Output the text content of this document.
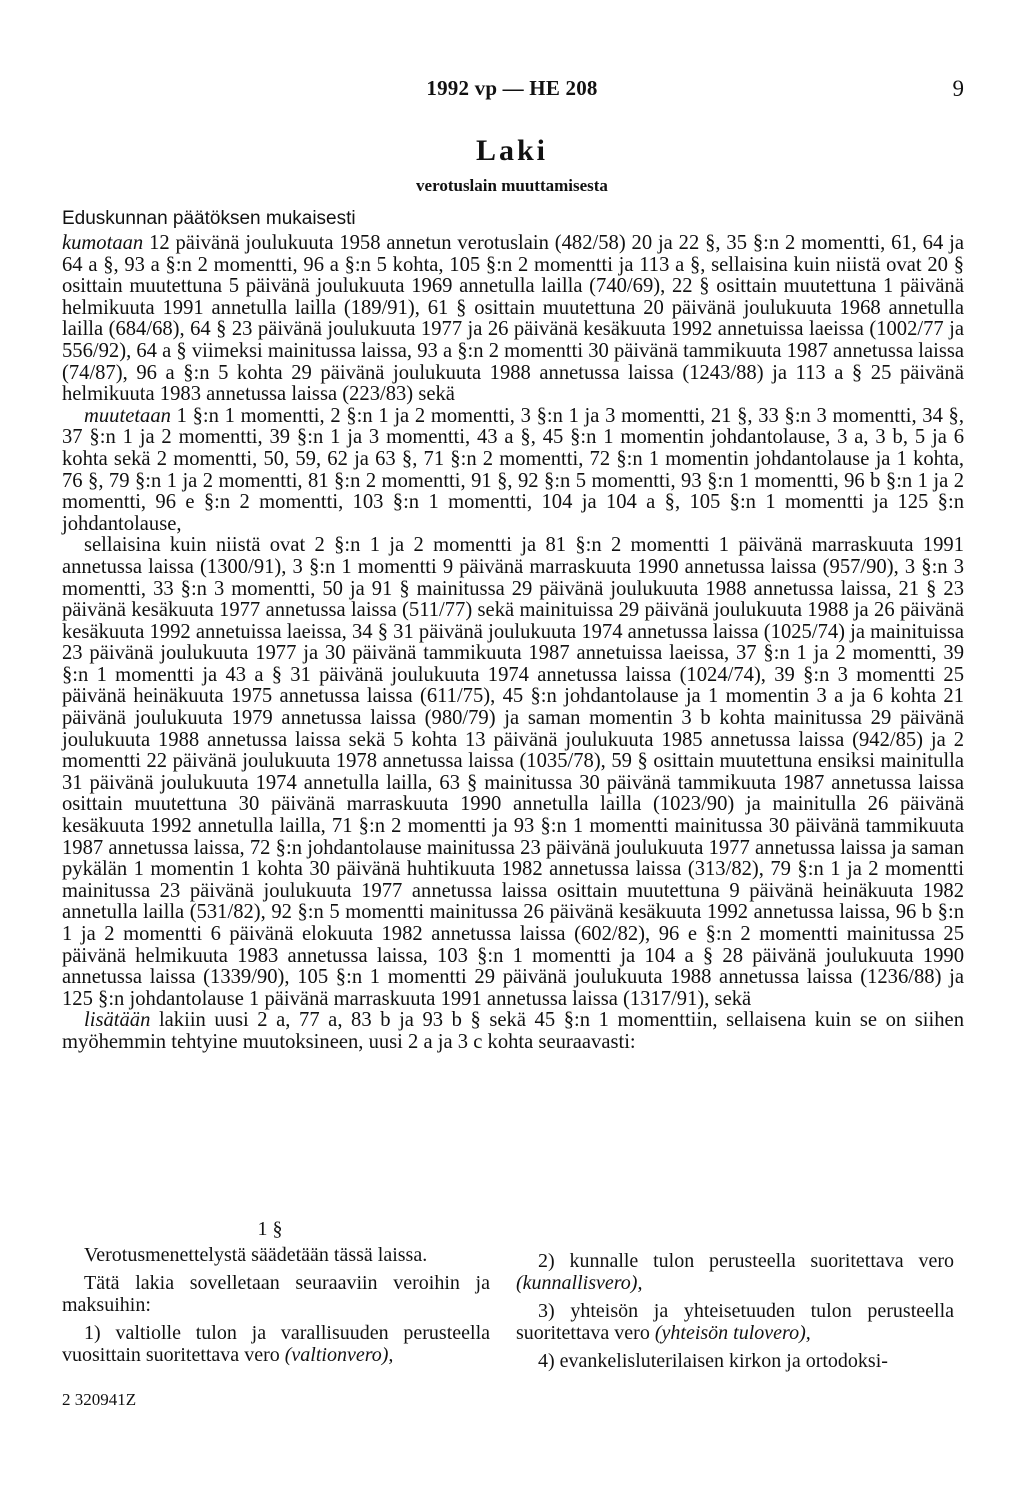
1992 vp — HE 208	9
Laki
verotuslain muuttamisesta
Eduskunnan päätöksen mukaisesti

kumotaan 12 päivänä joulukuuta 1958 annetun verotuslain (482/58) 20 ja 22 §, 35 §:n 2 momentti, 61, 64 ja 64 a §, 93 a §:n 2 momentti, 96 a §:n 5 kohta, 105 §:n 2 momentti ja 113 a §, sellaisina kuin niistä ovat 20 § osittain muutettuna 5 päivänä joulukuuta 1969 annetulla lailla (740/69), 22 § osittain muutettuna 1 päivänä helmikuuta 1991 annetulla lailla (189/91), 61 § osittain muutettuna 20 päivänä joulukuuta 1968 annetulla lailla (684/68), 64 § 23 päivänä joulukuuta 1977 ja 26 päivänä kesäkuuta 1992 annetuissa laeissa (1002/77 ja 556/92), 64 a § viimeksi mainitussa laissa, 93 a §:n 2 momentti 30 päivänä tammikuuta 1987 annetussa laissa (74/87), 96 a §:n 5 kohta 29 päivänä joulukuuta 1988 annetussa laissa (1243/88) ja 113 a § 25 päivänä helmikuuta 1983 annetussa laissa (223/83) sekä

muutetaan 1 §:n 1 momentti, 2 §:n 1 ja 2 momentti, 3 §:n 1 ja 3 momentti, 21 §, 33 §:n 3 momentti, 34 §, 37 §:n 1 ja 2 momentti, 39 §:n 1 ja 3 momentti, 43 a §, 45 §:n 1 momentin johdantolause, 3 a, 3 b, 5 ja 6 kohta sekä 2 momentti, 50, 59, 62 ja 63 §, 71 §:n 2 momentti, 72 §:n 1 momentin johdantolause ja 1 kohta, 76 §, 79 §:n 1 ja 2 momentti, 81 §:n 2 momentti, 91 §, 92 §:n 5 momentti, 93 §:n 1 momentti, 96 b §:n 1 ja 2 momentti, 96 e §:n 2 momentti, 103 §:n 1 momentti, 104 ja 104 a §, 105 §:n 1 momentti ja 125 §:n johdantolause,

sellaisina kuin niistä ovat 2 §:n 1 ja 2 momentti ja 81 §:n 2 momentti 1 päivänä marraskuuta 1991 annetussa laissa (1300/91), 3 §:n 1 momentti 9 päivänä marraskuuta 1990 annetussa laissa (957/90), 3 §:n 3 momentti, 33 §:n 3 momentti, 50 ja 91 § mainitussa 29 päivänä joulukuuta 1988 annetussa laissa, 21 § 23 päivänä kesäkuuta 1977 annetussa laissa (511/77) sekä mainituissa 29 päivänä joulukuuta 1988 ja 26 päivänä kesäkuuta 1992 annetuissa laeissa, 34 § 31 päivänä joulukuuta 1974 annetussa laissa (1025/74) ja mainituissa 23 päivänä joulukuuta 1977 ja 30 päivänä tammikuuta 1987 annetuissa laeissa, 37 §:n 1 ja 2 momentti, 39 §:n 1 momentti ja 43 a § 31 päivänä joulukuuta 1974 annetussa laissa (1024/74), 39 §:n 3 momentti 25 päivänä heinäkuuta 1975 annetussa laissa (611/75), 45 §:n johdantolause ja 1 momentin 3 a ja 6 kohta 21 päivänä joulukuuta 1979 annetussa laissa (980/79) ja saman momentin 3 b kohta mainitussa 29 päivänä joulukuuta 1988 annetussa laissa sekä 5 kohta 13 päivänä joulukuuta 1985 annetussa laissa (942/85) ja 2 momentti 22 päivänä joulukuuta 1978 annetussa laissa (1035/78), 59 § osittain muutettuna ensiksi mainitulla 31 päivänä joulukuuta 1974 annetulla lailla, 63 § mainitussa 30 päivänä tammikuuta 1987 annetussa laissa osittain muutettuna 30 päivänä marraskuuta 1990 annetulla lailla (1023/90) ja mainitulla 26 päivänä kesäkuuta 1992 annetulla lailla, 71 §:n 2 momentti ja 93 §:n 1 momentti mainitussa 30 päivänä tammikuuta 1987 annetussa laissa, 72 §:n johdantolause mainitussa 23 päivänä joulukuuta 1977 annetussa laissa ja saman pykälän 1 momentin 1 kohta 30 päivänä huhtikuuta 1982 annetussa laissa (313/82), 79 §:n 1 ja 2 momentti mainitussa 23 päivänä joulukuuta 1977 annetussa laissa osittain muutettuna 9 päivänä heinäkuuta 1982 annetulla lailla (531/82), 92 §:n 5 momentti mainitussa 26 päivänä kesäkuuta 1992 annetussa laissa, 96 b §:n 1 ja 2 momentti 6 päivänä elokuuta 1982 annetussa laissa (602/82), 96 e §:n 2 momentti mainitussa 25 päivänä helmikuuta 1983 annetussa laissa, 103 §:n 1 momentti ja 104 a § 28 päivänä joulukuuta 1990 annetussa laissa (1339/90), 105 §:n 1 momentti 29 päivänä joulukuuta 1988 annetussa laissa (1236/88) ja 125 §:n johdantolause 1 päivänä marraskuuta 1991 annetussa laissa (1317/91), sekä

lisätään lakiin uusi 2 a, 77 a, 83 b ja 93 b § sekä 45 §:n 1 momenttiin, sellaisena kuin se on siihen myöhemmin tehtyine muutoksineen, uusi 2 a ja 3 c kohta seuraavasti:

1 §

Verotusmenettelystä säädetään tässä laissa.

Tätä lakia sovelletaan seuraaviin veroihin ja maksuihin:

1) valtiolle tulon ja varallisuuden perusteella vuosittain suoritettava vero (valtionvero),

2) kunnalle tulon perusteella suoritettava vero (kunnallisvero),

3) yhteisön ja yhteisetuuden tulon perusteella suoritettava vero (yhteisön tulovero),

4) evankelisluterilaisen kirkon ja ortodoksi-

2 320941Z
